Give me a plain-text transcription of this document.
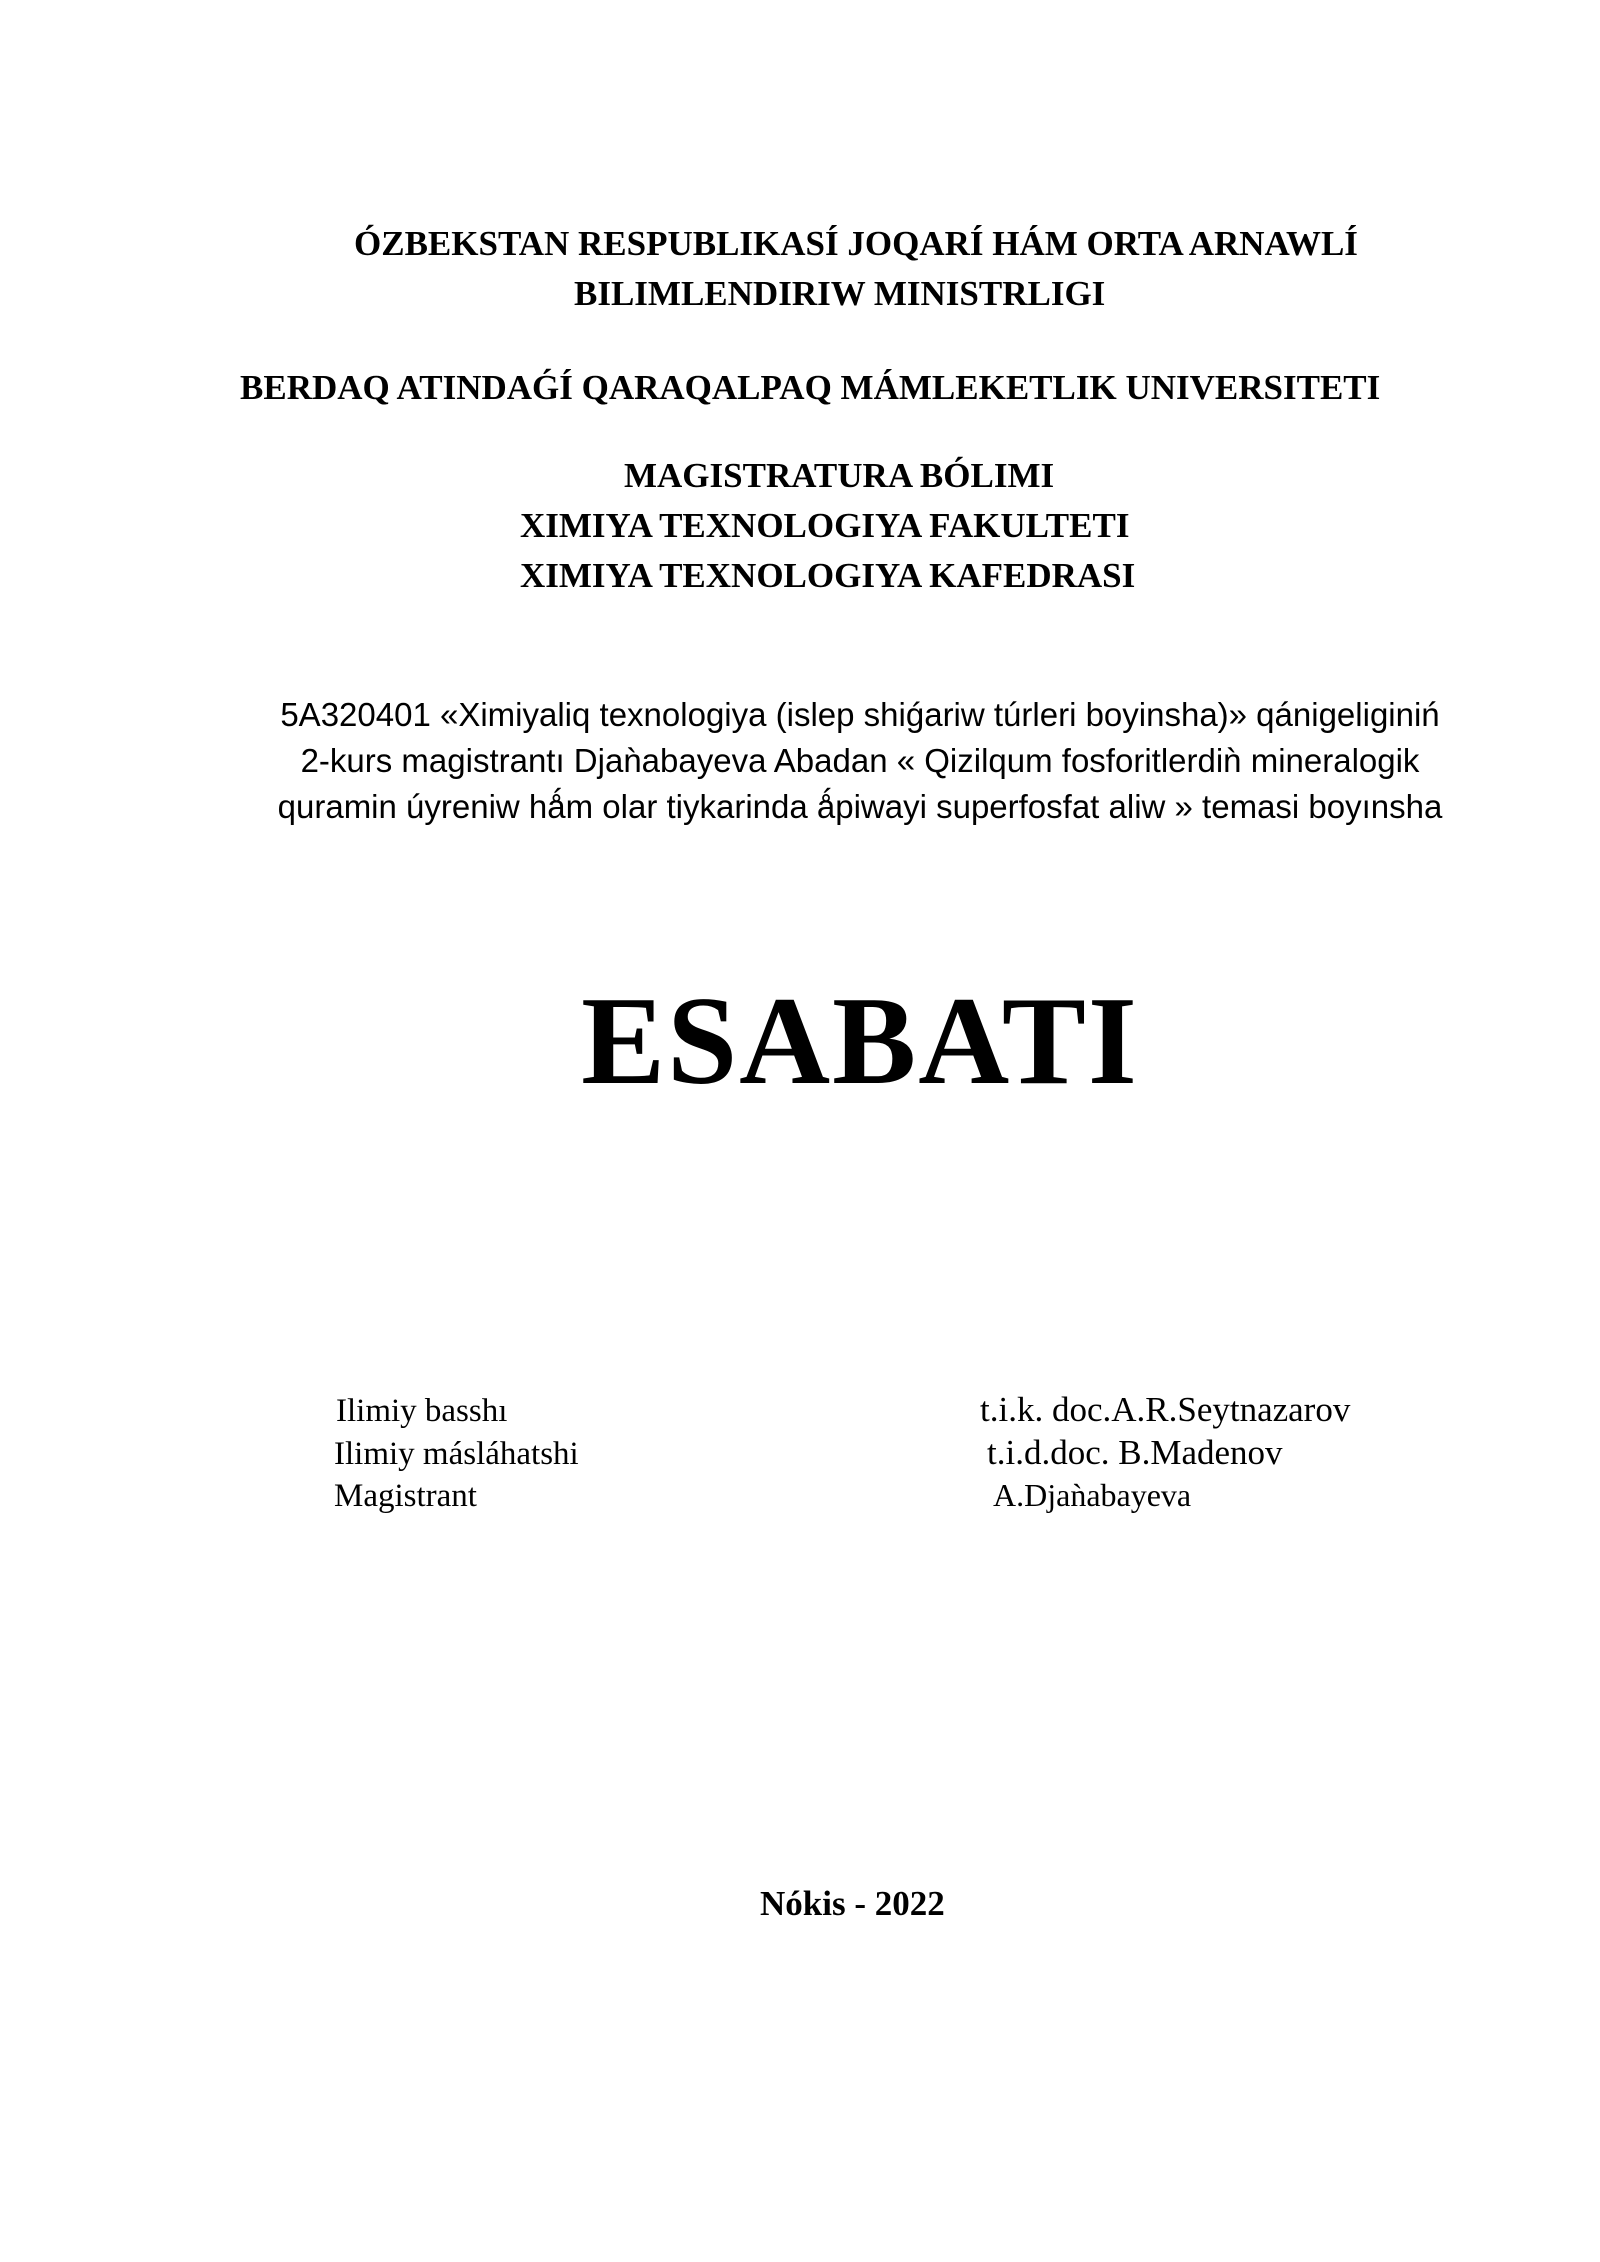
ÓZBEKSTAN RESPUBLIKASÍ JOQARÍ HÁM ORTA ARNAWLÍ
BILIMLENDIRIW MINISTRLIGI
BERDAQ ATINDAǴÍ QARAQALPAQ MÁMLEKETLIK UNIVERSITETI
MAGISTRATURA BÓLIMI
XIMIYA TEXNOLOGIYA FAKULTETI
XIMIYA TEXNOLOGIYA KAFEDRASI
5A320401 «Ximiyaliq texnologiya (islep shiǵariw túrleri boyinsha)» qánigeliginiń
2-kurs magistrantı Djaǹabayeva Abadan « Qizilqum fosforitlerdiǹ mineralogik
quramin úyreniw hǻm olar tiykarinda ǻpiwayi superfosfat aliw » temasi boyınsha
ESABATI
Ilimiy basshı	t.i.k. doc.A.R.Seytnazarov
Ilimiy másláhatshi	t.i.d.doc. B.Madenov
Magistrant	A.Djaǹabayeva
Nókis - 2022
